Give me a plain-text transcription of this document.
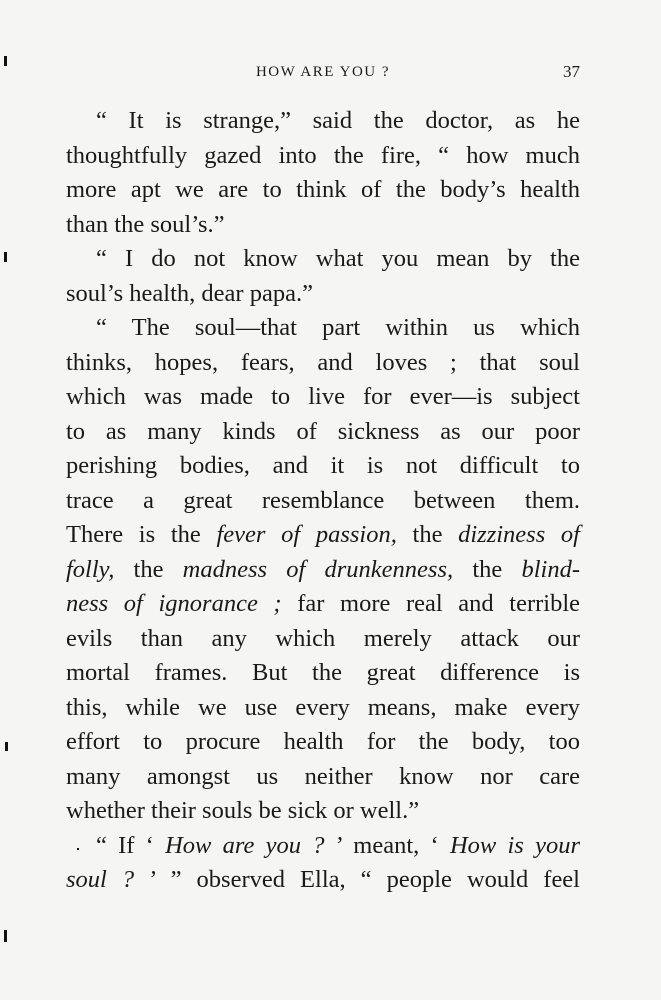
HOW ARE YOU ?	37
“ It is strange,” said the doctor, as he
thoughtfully gazed into the fire, “ how much
more apt we are to think of the body’s health
than the soul’s.”
“ I do not know what you mean by the
soul’s health, dear papa.”
“ The soul—that part within us which
thinks, hopes, fears, and loves ; that soul
which was made to live for ever—is subject
to as many kinds of sickness as our poor
perishing bodies, and it is not difficult to
trace a great resemblance between them.
There is the fever of passion, the dizziness of
folly, the madness of drunkenness, the blind-
ness of ignorance ; far more real and terrible
evils than any which merely attack our
mortal frames. But the great difference is
this, while we use every means, make every
effort to procure health for the body, too
many amongst us neither know nor care
whether their souls be sick or well.”
“ If ‘ How are you ? ’ meant, ‘ How is your
soul ? ’ ” observed Ella, “ people would feel
